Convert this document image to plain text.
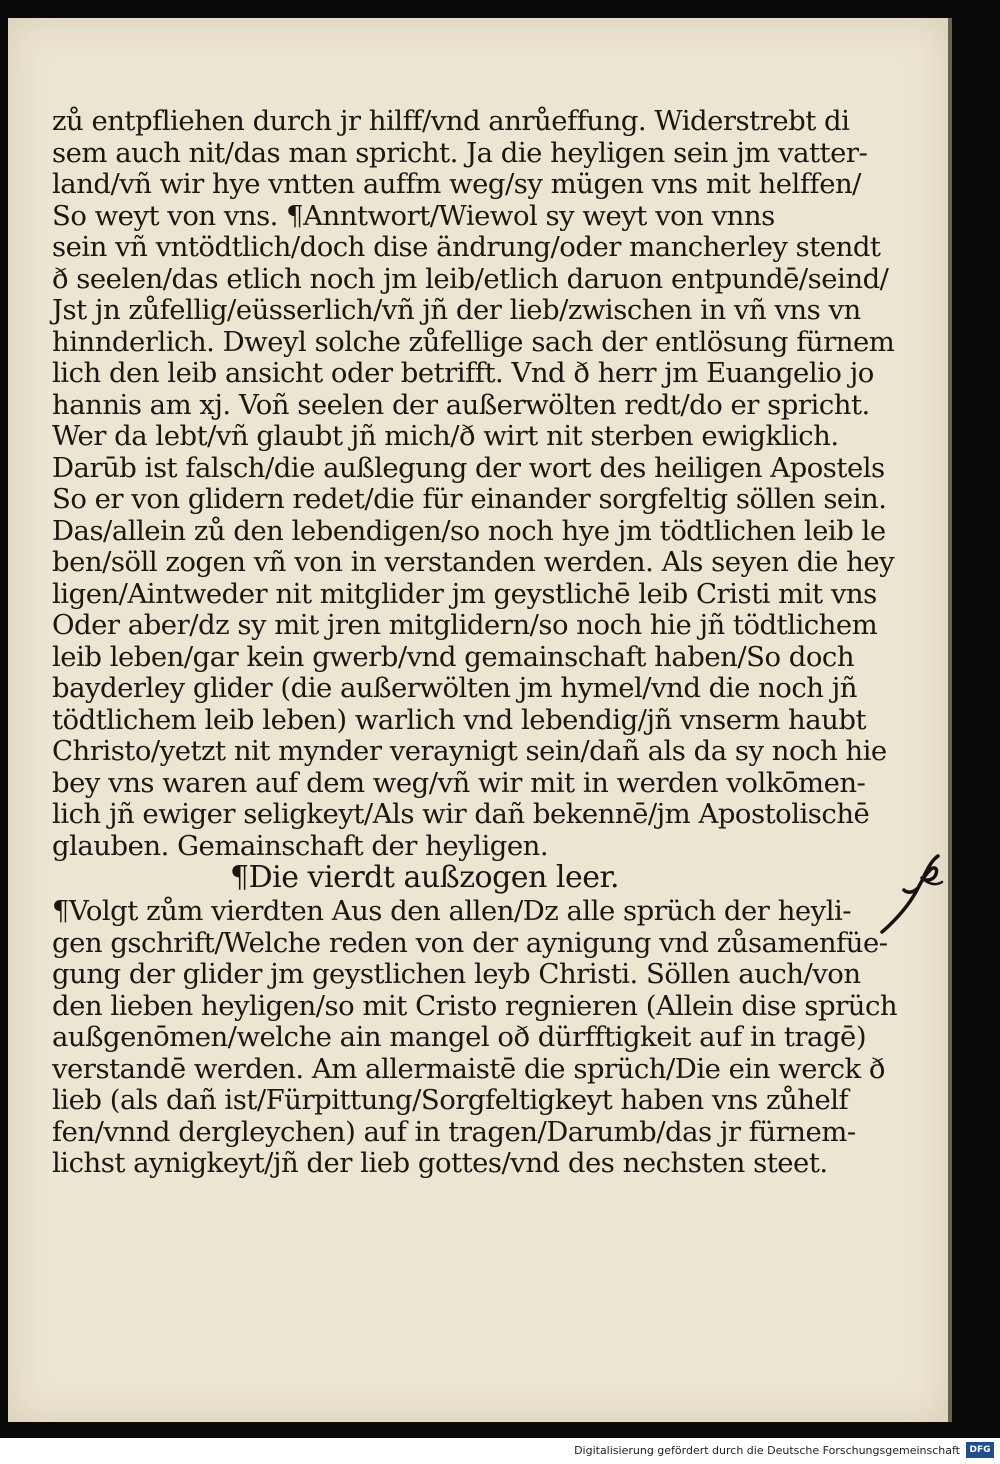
zů entpfliehen durch jr hilff/vnd anrůeffung. Widerstrebt di
sem auch nit/das man spricht. Ja die heyligen sein jm vatter-
land/vñ wir hye vntten auffm weg/sy mügen vns mit helffen/
So weyt von vns. ¶Anntwort/Wiewol sy weyt von vnns
sein vñ vntödtlich/doch dise ändrung/oder mancherley stendt
ð seelen/das etlich noch jm leib/etlich daruon entpundē/seind/
Jst jn zůfellig/eüsserlich/vñ jñ der lieb/zwischen in vñ vns vn
hinnderlich. Dweyl solche zůfellige sach der entlösung fürnem
lich den leib ansicht oder betrifft. Vnd ð herr jm Euangelio jo
hannis am xj. Voñ seelen der außerwölten redt/do er spricht.
Wer da lebt/vñ glaubt jñ mich/ð wirt nit sterben ewigklich.
Darūb ist falsch/die außlegung der wort des heiligen Apostels
So er von glidern redet/die für einander sorgfeltig söllen sein.
Das/allein zů den lebendigen/so noch hye jm tödtlichen leib le
ben/söll zogen vñ von in verstanden werden. Als seyen die hey
ligen/Aintweder nit mitglider jm geystlichē leib Cristi mit vns
Oder aber/dz sy mit jren mitglidern/so noch hie jñ tödtlichem
leib leben/gar kein gwerb/vnd gemainschaft haben/So doch
bayderley glider (die außerwölten jm hymel/vnd die noch jñ
tödtlichem leib leben) warlich vnd lebendig/jñ vnserm haubt
Christo/yetzt nit mynder veraynigt sein/dañ als da sy noch hie
bey vns waren auf dem weg/vñ wir mit in werden volkōmen-
lich jñ ewiger seligkeyt/Als wir dañ bekennē/jm Apostolischē
glauben. Gemainschaft der heyligen.
¶Die vierdt außzogen leer.
¶Volgt zům vierdten Aus den allen/Dz alle sprüch der heyli-
gen gschrift/Welche reden von der aynigung vnd zůsamenfüe-
gung der glider jm geystlichen leyb Christi. Söllen auch/von
den lieben heyligen/so mit Cristo regnieren (Allein dise sprüch
außgenōmen/welche ain mangel oð dürfftigkeit auf in tragē)
verstandē werden. Am allermaistē die sprüch/Die ein werck ð
lieb (als dañ ist/Fürpittung/Sorgfeltigkeyt haben vns zůhelf
fen/vnnd dergleychen) auf in tragen/Darumb/das jr fürnem-
lichst aynigkeyt/jñ der lieb gottes/vnd des nechsten steet.
Digitalisierung gefördert durch die Deutsche Forschungsgemeinschaft	DFG
